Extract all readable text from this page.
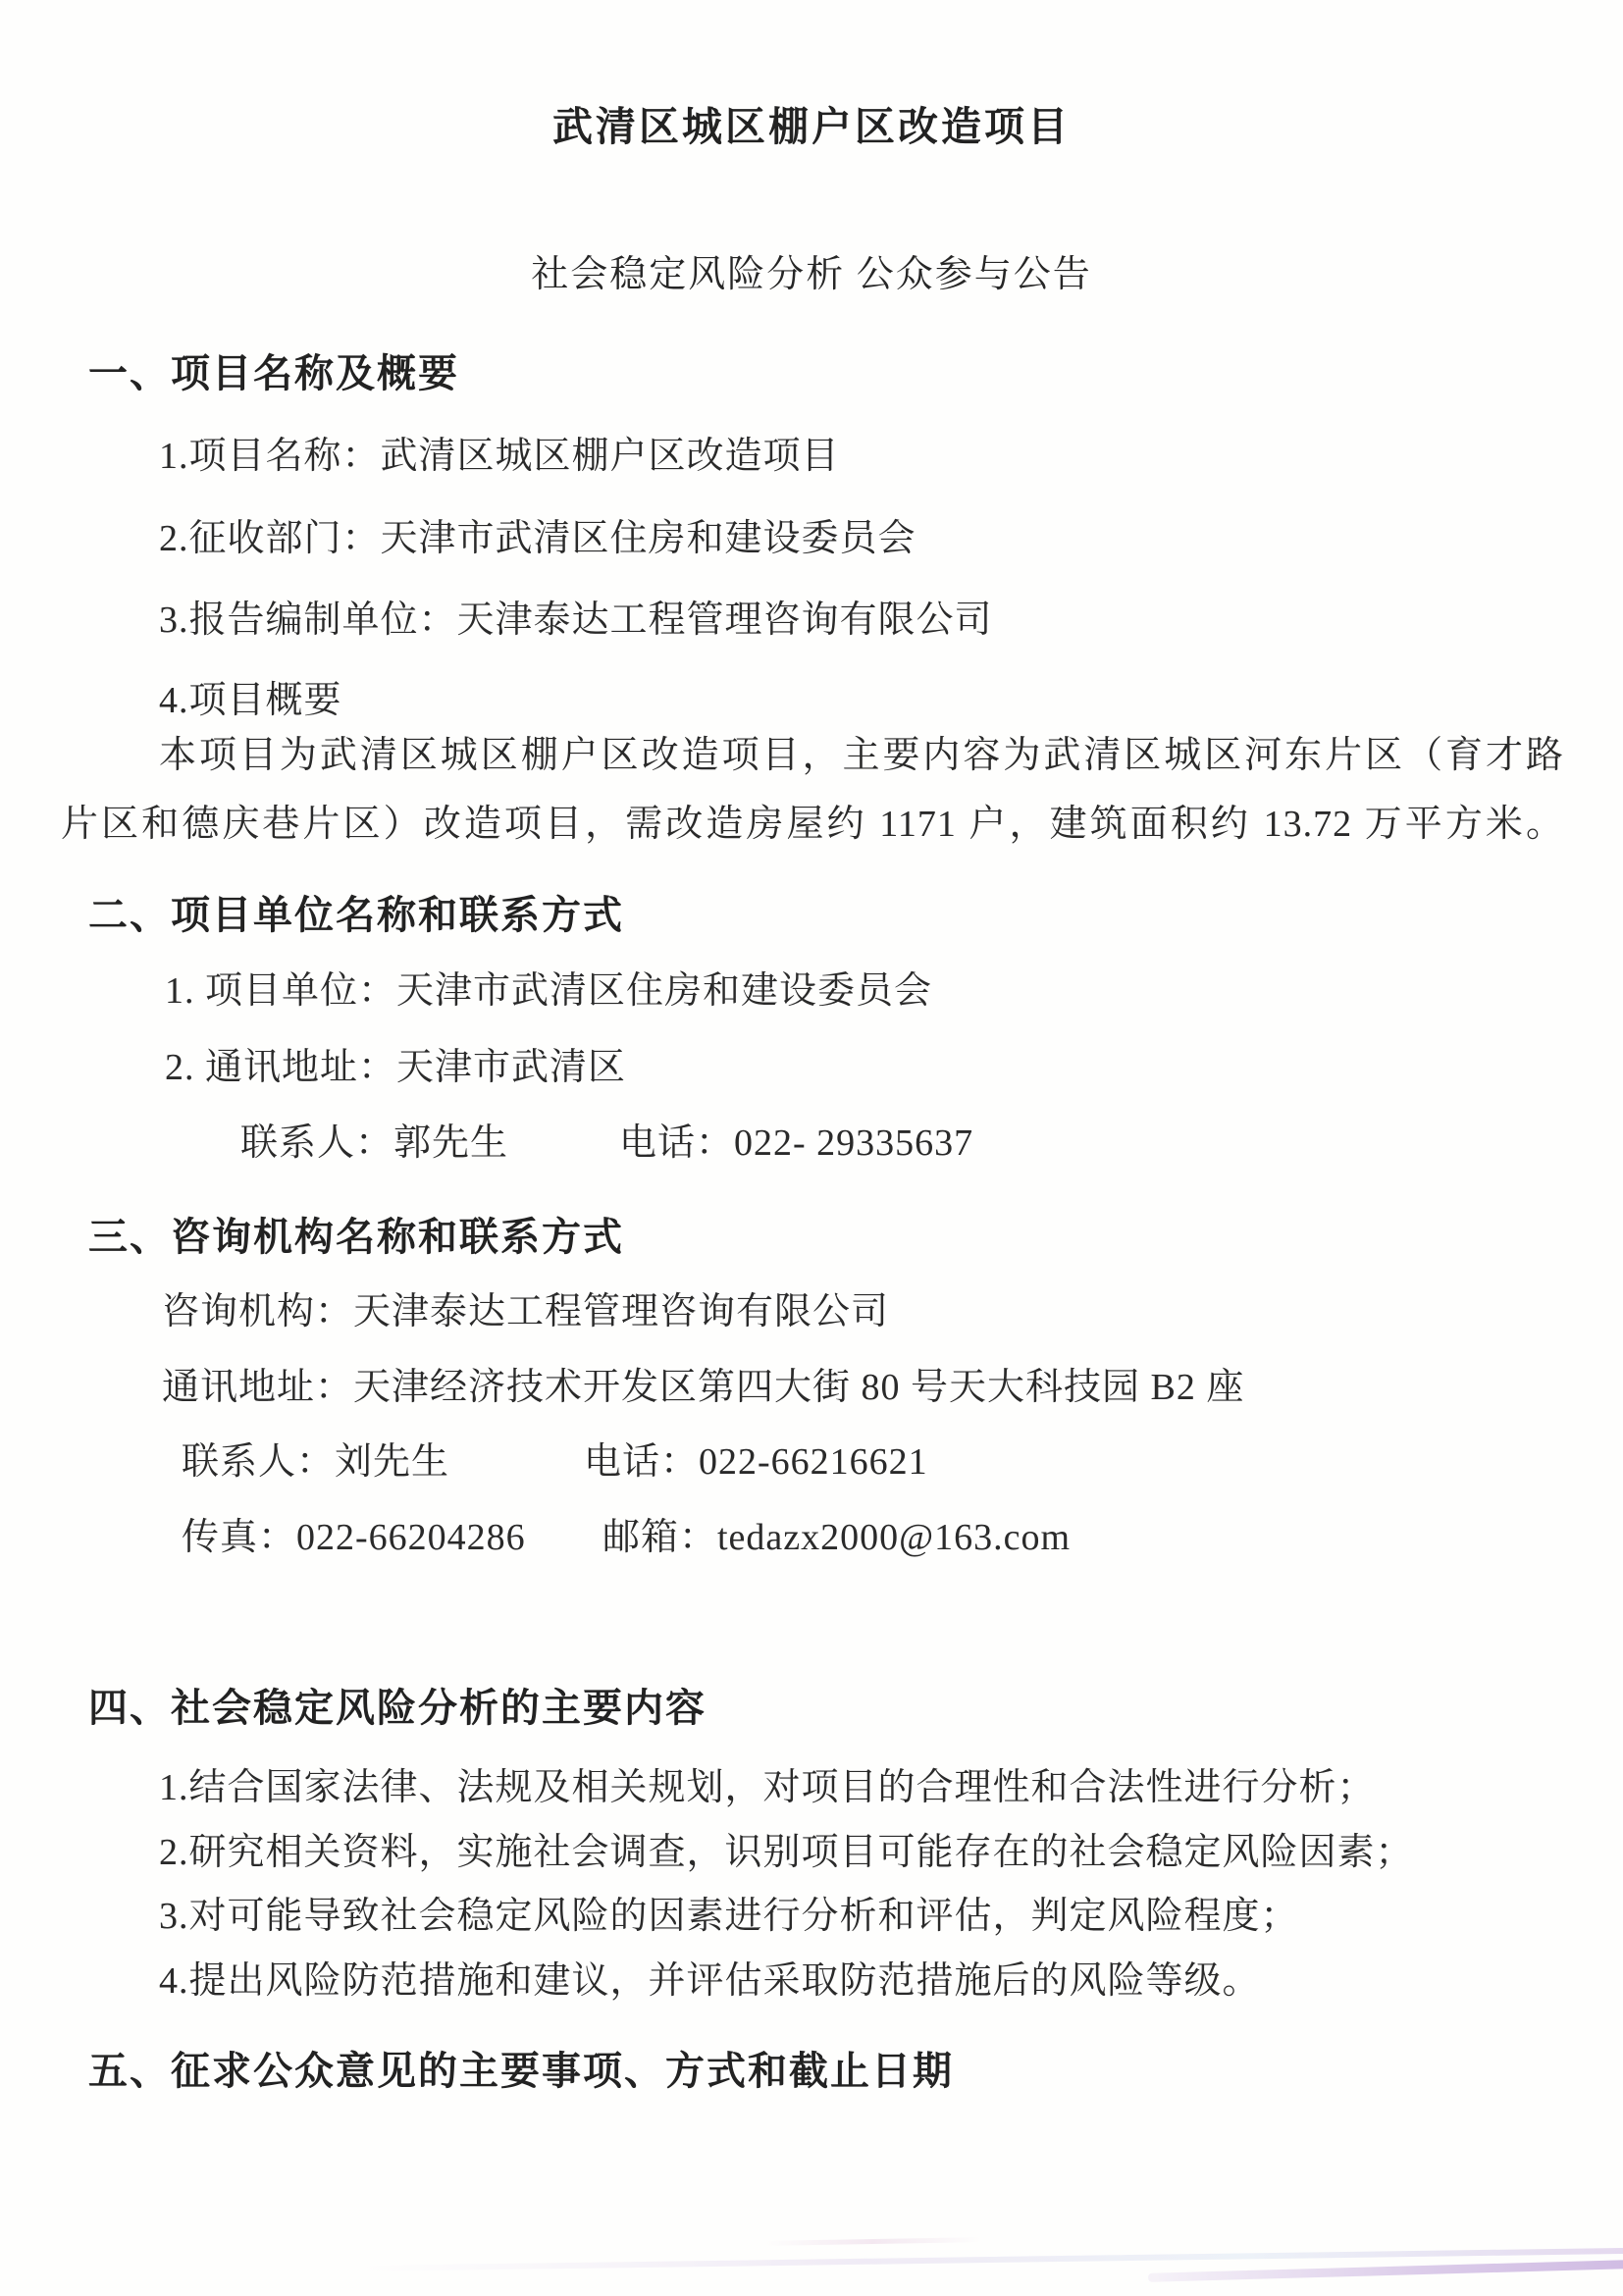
武清区城区棚户区改造项目
社会稳定风险分析 公众参与公告
一、项目名称及概要
1.项目名称：武清区城区棚户区改造项目
2.征收部门：天津市武清区住房和建设委员会
3.报告编制单位：天津泰达工程管理咨询有限公司
4.项目概要
本项目为武清区城区棚户区改造项目，主要内容为武清区城区河东片区（育才路
片区和德庆巷片区）改造项目，需改造房屋约 1171 户，建筑面积约 13.72 万平方米。
二、项目单位名称和联系方式
1. 项目单位：天津市武清区住房和建设委员会
2. 通讯地址：天津市武清区
联系人：郭先生	电话：022- 29335637
三、咨询机构名称和联系方式
咨询机构：天津泰达工程管理咨询有限公司
通讯地址：天津经济技术开发区第四大街 80 号天大科技园 B2 座
联系人：刘先生	电话：022-66216621
传真：022-66204286 邮箱：tedazx2000@163.com
四、社会稳定风险分析的主要内容
1.结合国家法律、法规及相关规划，对项目的合理性和合法性进行分析；
2.研究相关资料，实施社会调查，识别项目可能存在的社会稳定风险因素；
3.对可能导致社会稳定风险的因素进行分析和评估，判定风险程度；
4.提出风险防范措施和建议，并评估采取防范措施后的风险等级。
五、征求公众意见的主要事项、方式和截止日期
